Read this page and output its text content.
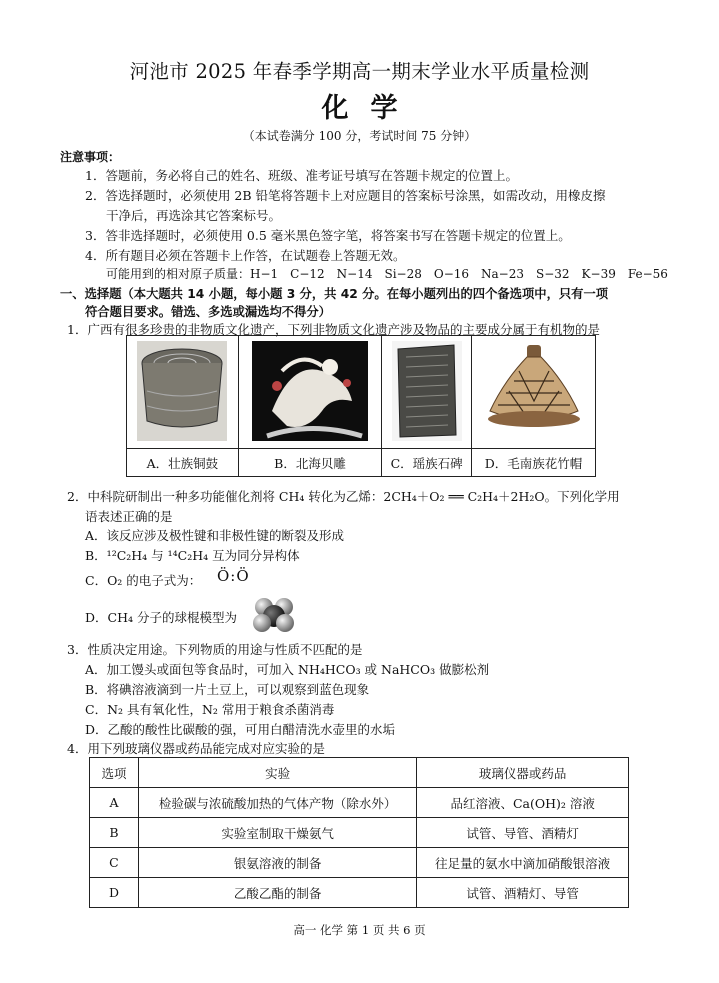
河池市 2025 年春季学期高一期末学业水平质量检测
化学
（本试卷满分 100 分，考试时间 75 分钟）
注意事项：
1．答题前，务必将自己的姓名、班级、准考证号填写在答题卡规定的位置上。
2．答选择题时，必须使用 2B 铅笔将答题卡上对应题目的答案标号涂黑，如需改动，用橡皮擦
干净后，再选涂其它答案标号。
3．答非选择题时，必须使用 0.5 毫米黑色签字笔，将答案书写在答题卡规定的位置上。
4．所有题目必须在答题卡上作答，在试题卷上答题无效。
可能用到的相对原子质量：H−1　C−12　N−14　Si−28　O−16　Na−23　S−32　K−39　Fe−56
一、选择题（本大题共 14 小题，每小题 3 分，共 42 分。在每小题列出的四个备选项中，只有一项
符合题目要求。错选、多选或漏选均不得分）
1．广西有很多珍贵的非物质文化遗产，下列非物质文化遗产涉及物品的主要成分属于有机物的是

A．壮族铜鼓	B．北海贝雕	C．瑶族石碑	D．毛南族花竹帽
2．中科院研制出一种多功能催化剂将 CH₄ 转化为乙烯：2CH₄＋O₂ ══ C₂H₄＋2H₂O。下列化学用
语表述正确的是
A．该反应涉及极性键和非极性键的断裂及形成
B．¹²C₂H₄ 与 ¹⁴C₂H₄ 互为同分异构体
C．O₂ 的电子式为： Ö:Ö
D．CH₄ 分子的球棍模型为
3．性质决定用途。下列物质的用途与性质不匹配的是
A．加工馒头或面包等食品时，可加入 NH₄HCO₃ 或 NaHCO₃ 做膨松剂
B．将碘溶液滴到一片土豆上，可以观察到蓝色现象
C．N₂ 具有氧化性，N₂ 常用于粮食杀菌消毒
D．乙酸的酸性比碳酸的强，可用白醋清洗水壶里的水垢
4．用下列玻璃仪器或药品能完成对应实验的是
选项	实验	玻璃仪器或药品
A	检验碳与浓硫酸加热的气体产物（除水外）	品红溶液、Ca(OH)₂ 溶液
B	实验室制取干燥氨气	试管、导管、酒精灯
C	银氨溶液的制备	往足量的氨水中滴加硝酸银溶液
D	乙酸乙酯的制备	试管、酒精灯、导管
高一 化学 第 1 页 共 6 页
